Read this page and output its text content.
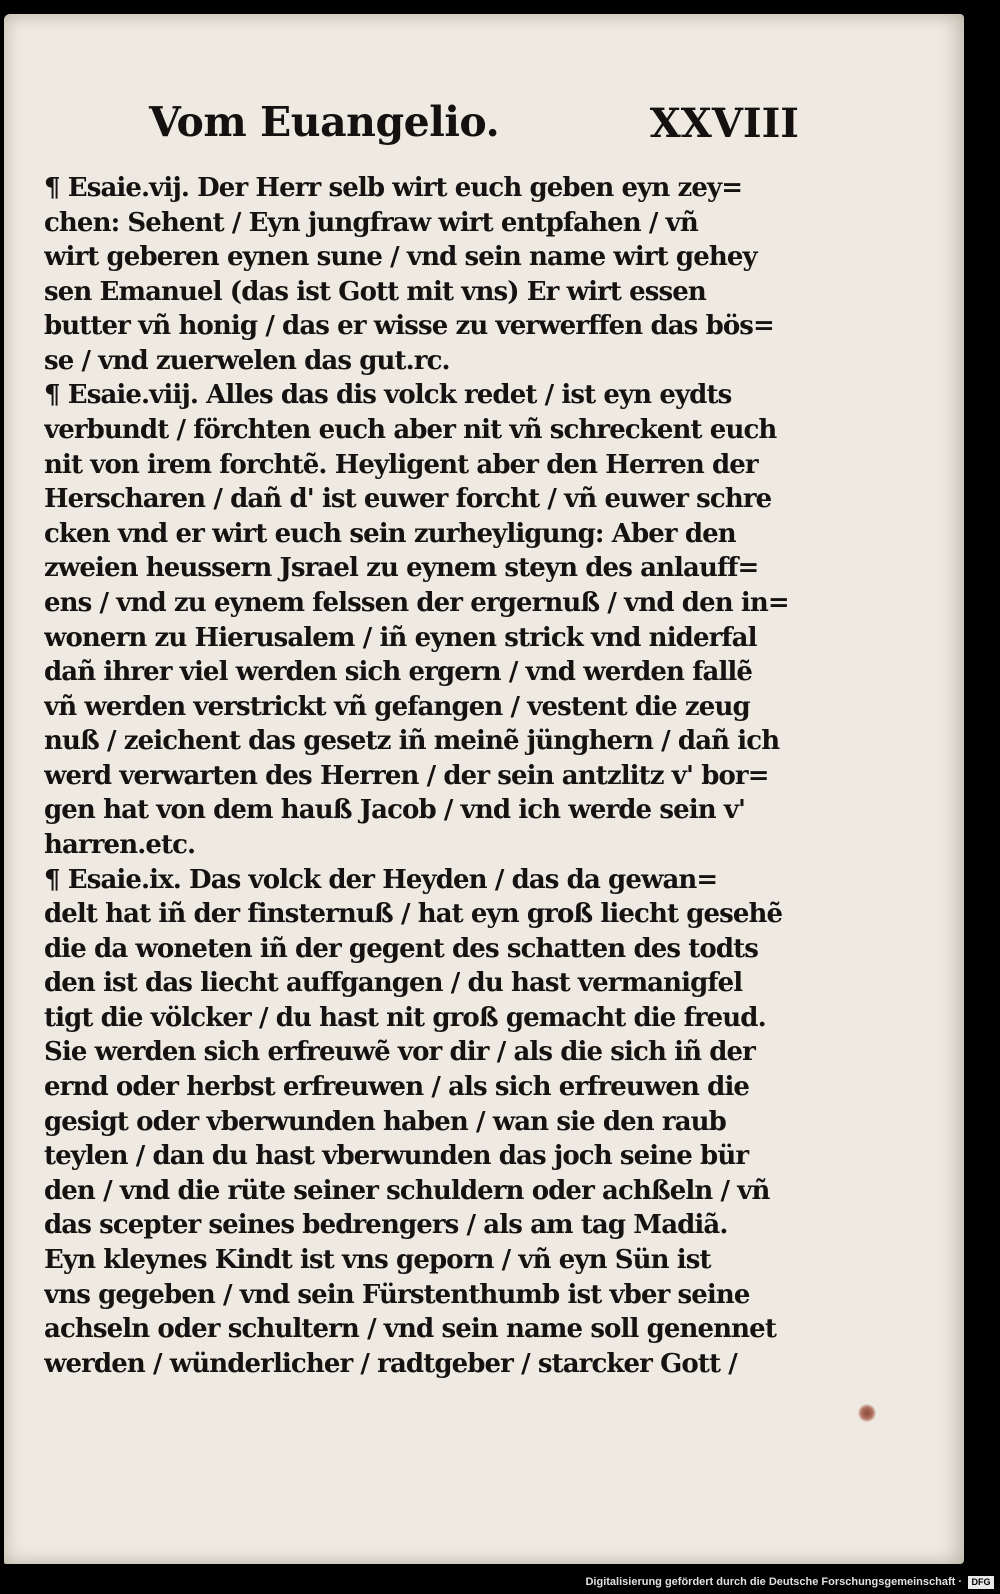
Vom Euangelio.	XXVIII
¶ Esaie.vij. Der Herr selb wirt euch geben eyn zey=
chen: Sehent / Eyn jungfraw wirt entpfahen / vñ
wirt geberen eynen sune / vnd sein name wirt gehey
sen Emanuel (das ist Gott mit vns) Er wirt essen
butter vñ honig / das er wisse zu verwerffen das bös=
se / vnd zuerwelen das gut.rc.
¶ Esaie.viij. Alles das dis volck redet / ist eyn eydts
verbundt / förchten euch aber nit vñ schreckent euch
nit von irem forchtẽ. Heyligent aber den Herren der
Herscharen / dañ d' ist euwer forcht / vñ euwer schre
cken vnd er wirt euch sein zurheyligung: Aber den
zweien heussern Jsrael zu eynem steyn des anlauff=
ens / vnd zu eynem felssen der ergernuß / vnd den in=
wonern zu Hierusalem / iñ eynen strick vnd niderfal
dañ ihrer viel werden sich ergern / vnd werden fallẽ
vñ werden verstrickt vñ gefangen / vestent die zeug
nuß / zeichent das gesetz iñ meinẽ jünghern / dañ ich
werd verwarten des Herren / der sein antzlitz v' bor=
gen hat von dem hauß Jacob / vnd ich werde sein v'
harren.etc.
¶ Esaie.ix. Das volck der Heyden / das da gewan=
delt hat iñ der finsternuß / hat eyn groß liecht gesehẽ
die da woneten iñ der gegent des schatten des todts
den ist das liecht auffgangen / du hast vermanigfel
tigt die völcker / du hast nit groß gemacht die freud.
Sie werden sich erfreuwẽ vor dir / als die sich iñ der
ernd oder herbst erfreuwen / als sich erfreuwen die
gesigt oder vberwunden haben / wan sie den raub
teylen / dan du hast vberwunden das joch seine bür
den / vnd die rüte seiner schuldern oder achßeln / vñ
das scepter seines bedrengers / als am tag Madiã.
Eyn kleynes Kindt ist vns geporn / vñ eyn Sün ist
vns gegeben / vnd sein Fürstenthumb ist vber seine
achseln oder schultern / vnd sein name soll genennet
werden / wünderlicher / radtgeber / starcker Gott /
Digitalisierung gefördert durch die Deutsche Forschungsgemeinschaft ·	DFG
